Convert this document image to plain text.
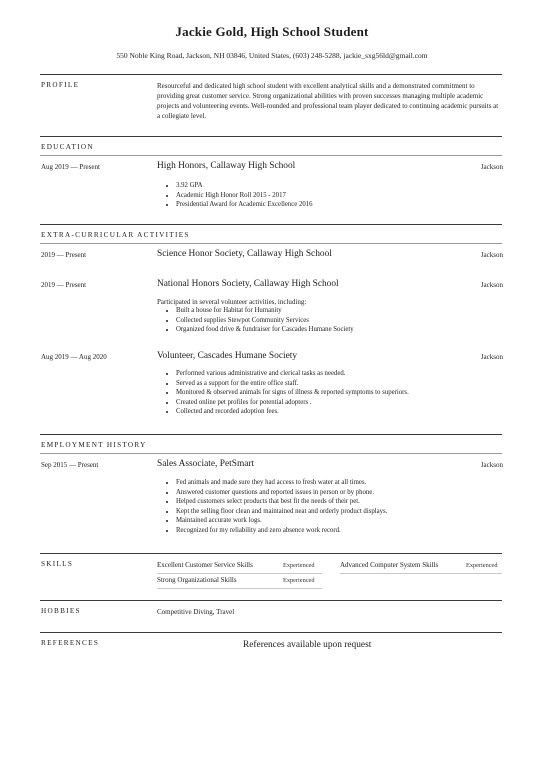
Jackie Gold, High School Student
550 Noble King Road, Jackson, NH 03846, United States, (603) 248-5288, jackie_sxg56ld@gmail.com
PROFILE	Resourceful and dedicated high school student with excellent analytical skills and a demonstrated commitment to providing great customer service. Strong organizational abilities with proven successes managing multiple academic projects and volunteering events. Well-rounded and professional team player dedicated to continuing academic pursuits at a collegiate level.
EDUCATION
Aug 2019 — Present	High Honors, Callaway High School	Jackson
• 3.92 GPA
• Academic High Honor Roll 2015 - 2017
• Presidential Award for Academic Excellence 2016
EXTRA-CURRICULAR ACTIVITIES
2019 — Present	Science Honor Society, Callaway High School	Jackson
2019 — Present	National Honors Society, Callaway High School	Jackson
Participated in several volunteer activities, including:
• Built a house for Habitat for Humanity
• Collected supplies Stewpot Community Services
• Organized food drive & fundraiser for Cascades Humane Society
Aug 2019 — Aug 2020	Volunteer, Cascades Humane Society	Jackson
• Performed various administrative and clerical tasks as needed.
• Served as a support for the entire office staff.
• Monitored & observed animals for signs of illness & reported symptoms to superiors.
• Created online pet profiles for potential adopters .
• Collected and recorded adoption fees.
EMPLOYMENT HISTORY
Sep 2015 — Present	Sales Associate, PetSmart	Jackson
• Fed animals and made sure they had access to fresh water at all times.
• Answered customer questions and reported issues in person or by phone.
• Helped customers select products that best fit the needs of their pet.
• Kept the selling floor clean and maintained neat and orderly product displays.
• Maintained accurate work logs.
• Recognized for my reliability and zero absence work record.
SKILLS	Excellent Customer Service Skills	Experienced	Advanced Computer System Skills	Experienced
Strong Organizational Skills	Experienced
HOBBIES	Competitive Diving, Travel
REFERENCES	References available upon request
